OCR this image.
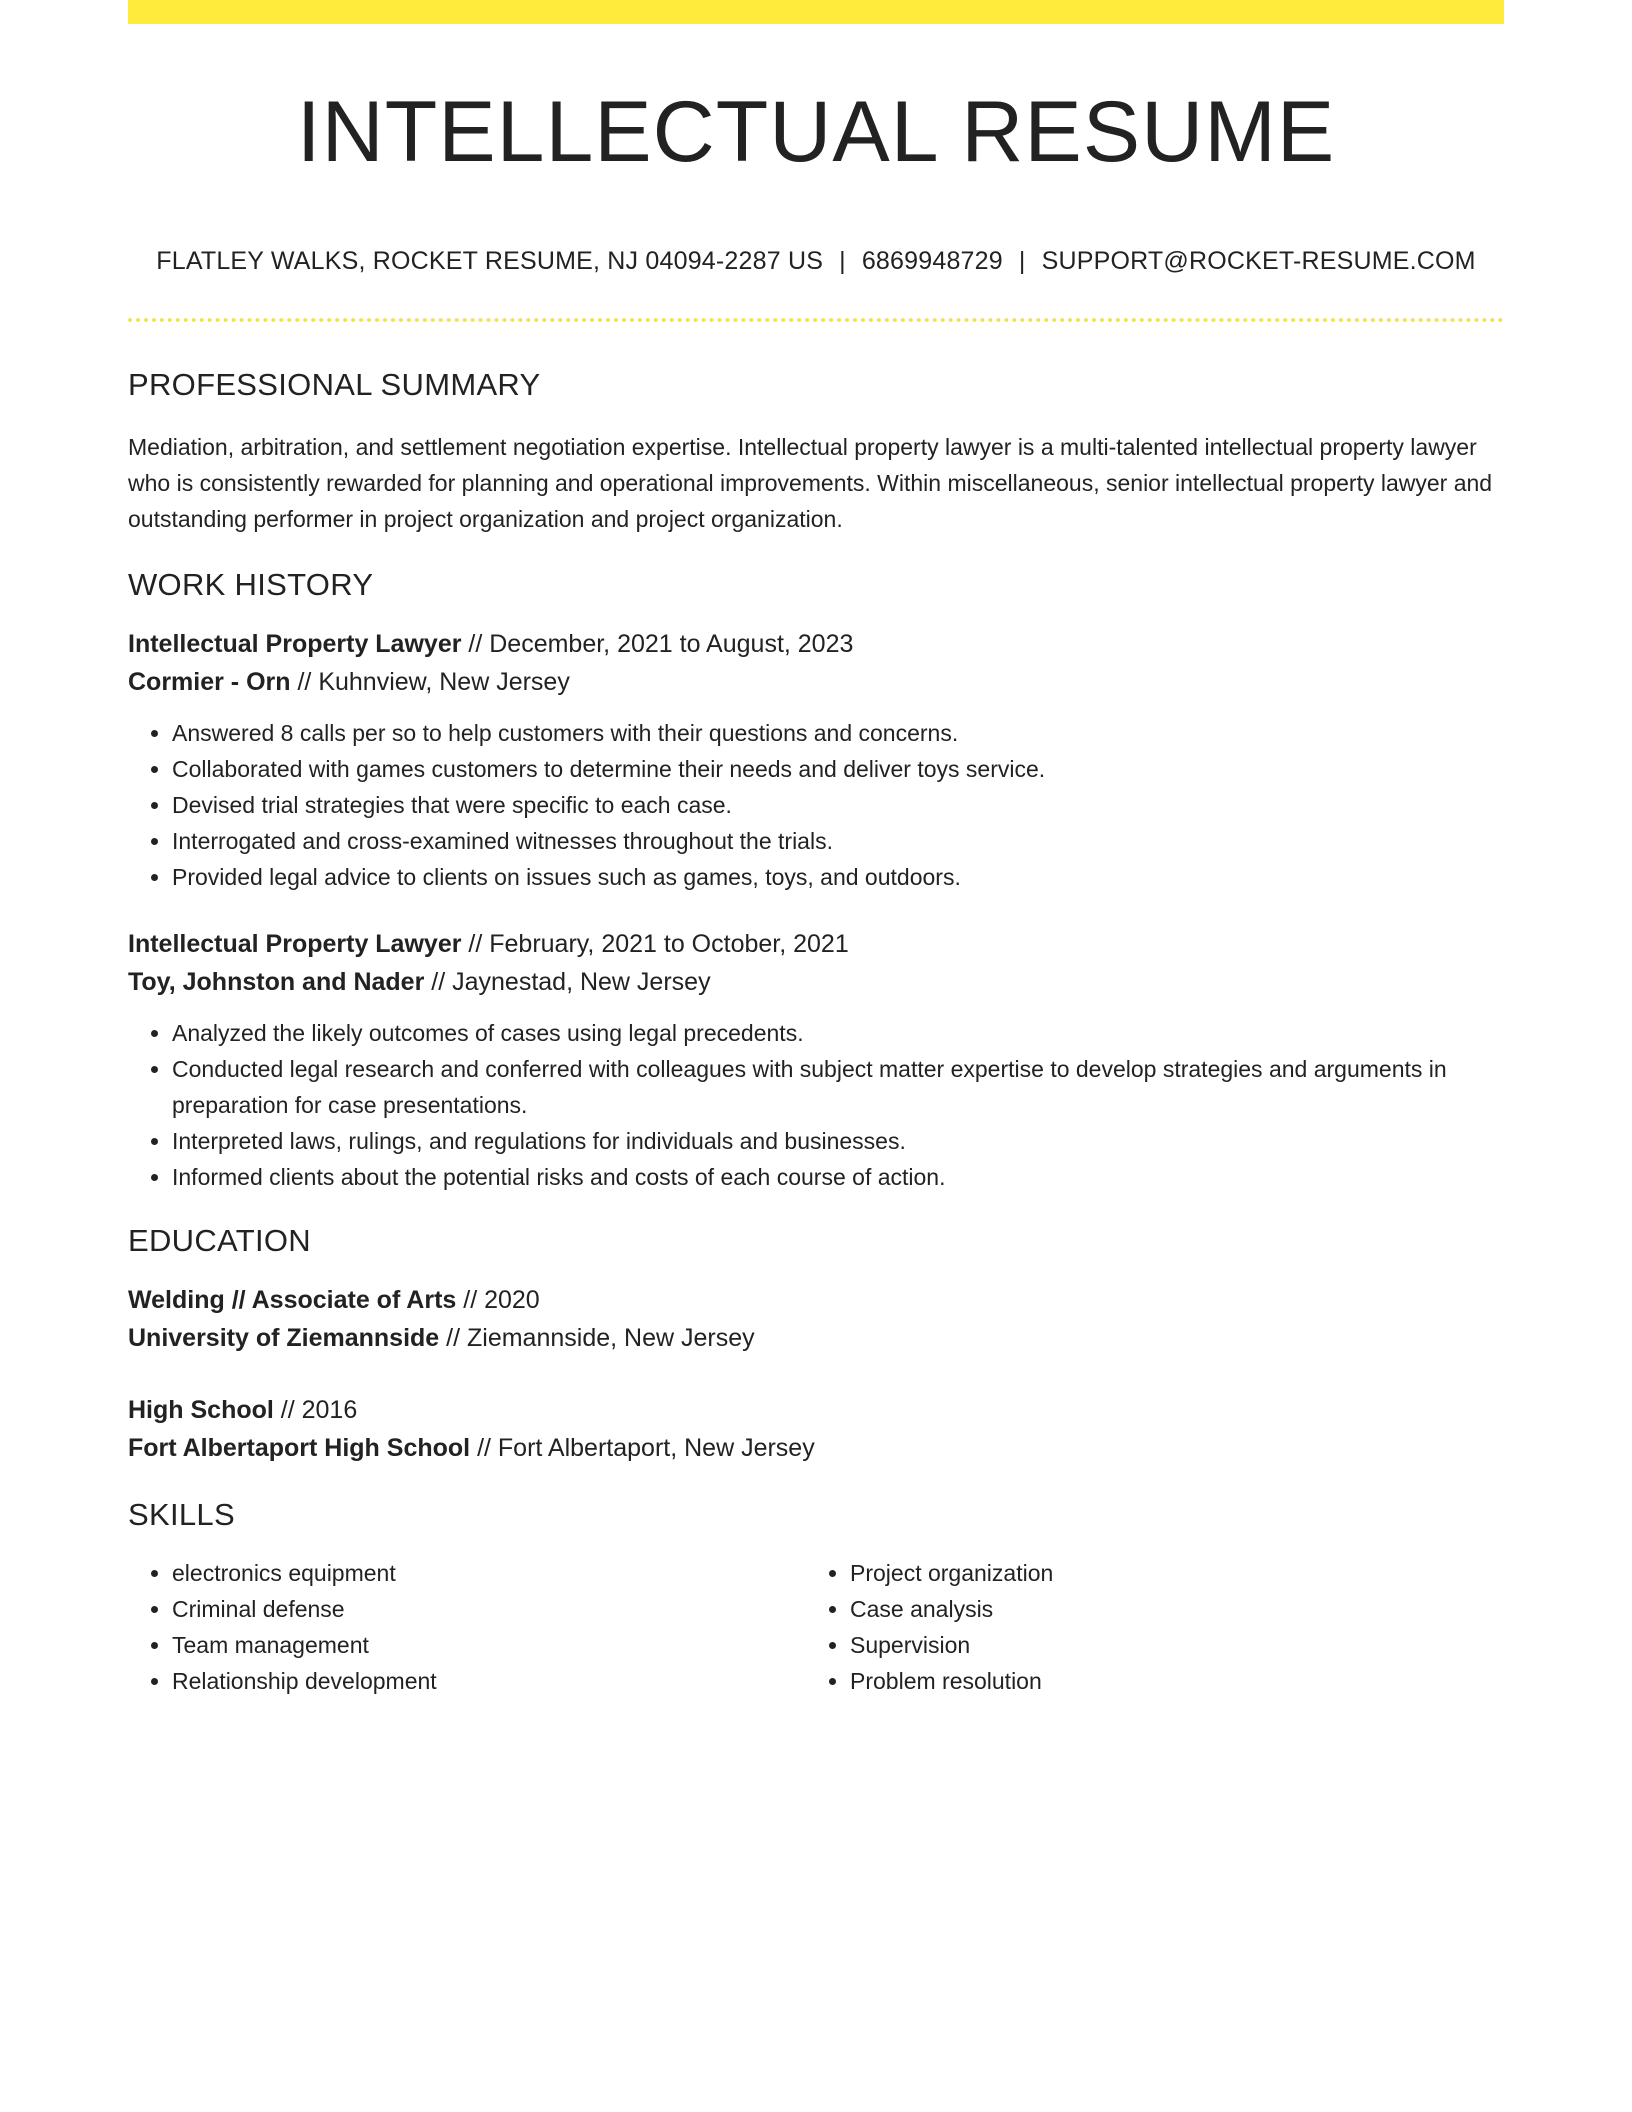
INTELLECTUAL RESUME
FLATLEY WALKS, ROCKET RESUME, NJ 04094-2287 US | 6869948729 | SUPPORT@ROCKET-RESUME.COM
PROFESSIONAL SUMMARY
Mediation, arbitration, and settlement negotiation expertise. Intellectual property lawyer is a multi-talented intellectual property lawyer who is consistently rewarded for planning and operational improvements. Within miscellaneous, senior intellectual property lawyer and outstanding performer in project organization and project organization.
WORK HISTORY
Intellectual Property Lawyer // December, 2021 to August, 2023
Cormier - Orn // Kuhnview, New Jersey
• Answered 8 calls per so to help customers with their questions and concerns.
• Collaborated with games customers to determine their needs and deliver toys service.
• Devised trial strategies that were specific to each case.
• Interrogated and cross-examined witnesses throughout the trials.
• Provided legal advice to clients on issues such as games, toys, and outdoors.
Intellectual Property Lawyer // February, 2021 to October, 2021
Toy, Johnston and Nader // Jaynestad, New Jersey
• Analyzed the likely outcomes of cases using legal precedents.
• Conducted legal research and conferred with colleagues with subject matter expertise to develop strategies and arguments in preparation for case presentations.
• Interpreted laws, rulings, and regulations for individuals and businesses.
• Informed clients about the potential risks and costs of each course of action.
EDUCATION
Welding // Associate of Arts // 2020
University of Ziemannside // Ziemannside, New Jersey
High School // 2016
Fort Albertaport High School // Fort Albertaport, New Jersey
SKILLS
• electronics equipment
• Criminal defense
• Team management
• Relationship development
• Project organization
• Case analysis
• Supervision
• Problem resolution
